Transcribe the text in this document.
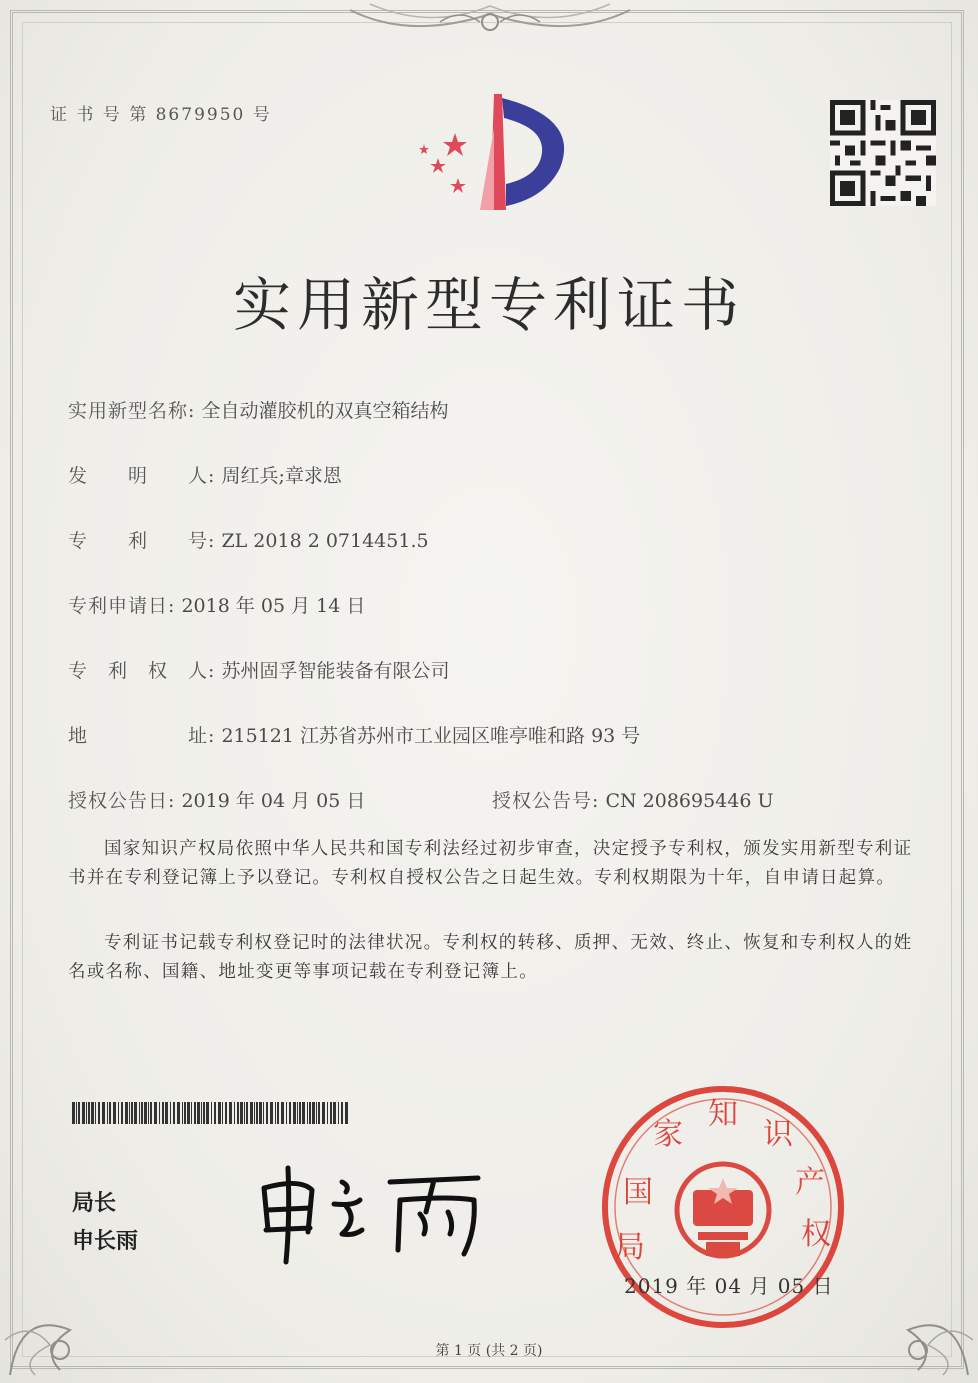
证 书 号 第 8679950 号
实用新型专利证书
实用新型名称: 全自动灌胶机的双真空箱结构
发　　明　　人: 周红兵;章求恩
专　　利　　号: ZL 2018 2 0714451.5
专利申请日: 2018 年 05 月 14 日
专　利　权　人: 苏州固孚智能装备有限公司
地　　　　　址: 215121 江苏省苏州市工业园区唯亭唯和路 93 号
授权公告日: 2019 年 04 月 05 日	授权公告号: CN 208695446 U
国家知识产权局依照中华人民共和国专利法经过初步审查，决定授予专利权，颁发实用新型专利证书并在专利登记簿上予以登记。专利权自授权公告之日起生效。专利权期限为十年，自申请日起算。
专利证书记载专利权登记时的法律状况。专利权的转移、质押、无效、终止、恢复和专利权人的姓名或名称、国籍、地址变更等事项记载在专利登记簿上。
局长
申长雨
国
家
知
识
产
权
局
2019 年 04 月 05 日
第 1 页 (共 2 页)
